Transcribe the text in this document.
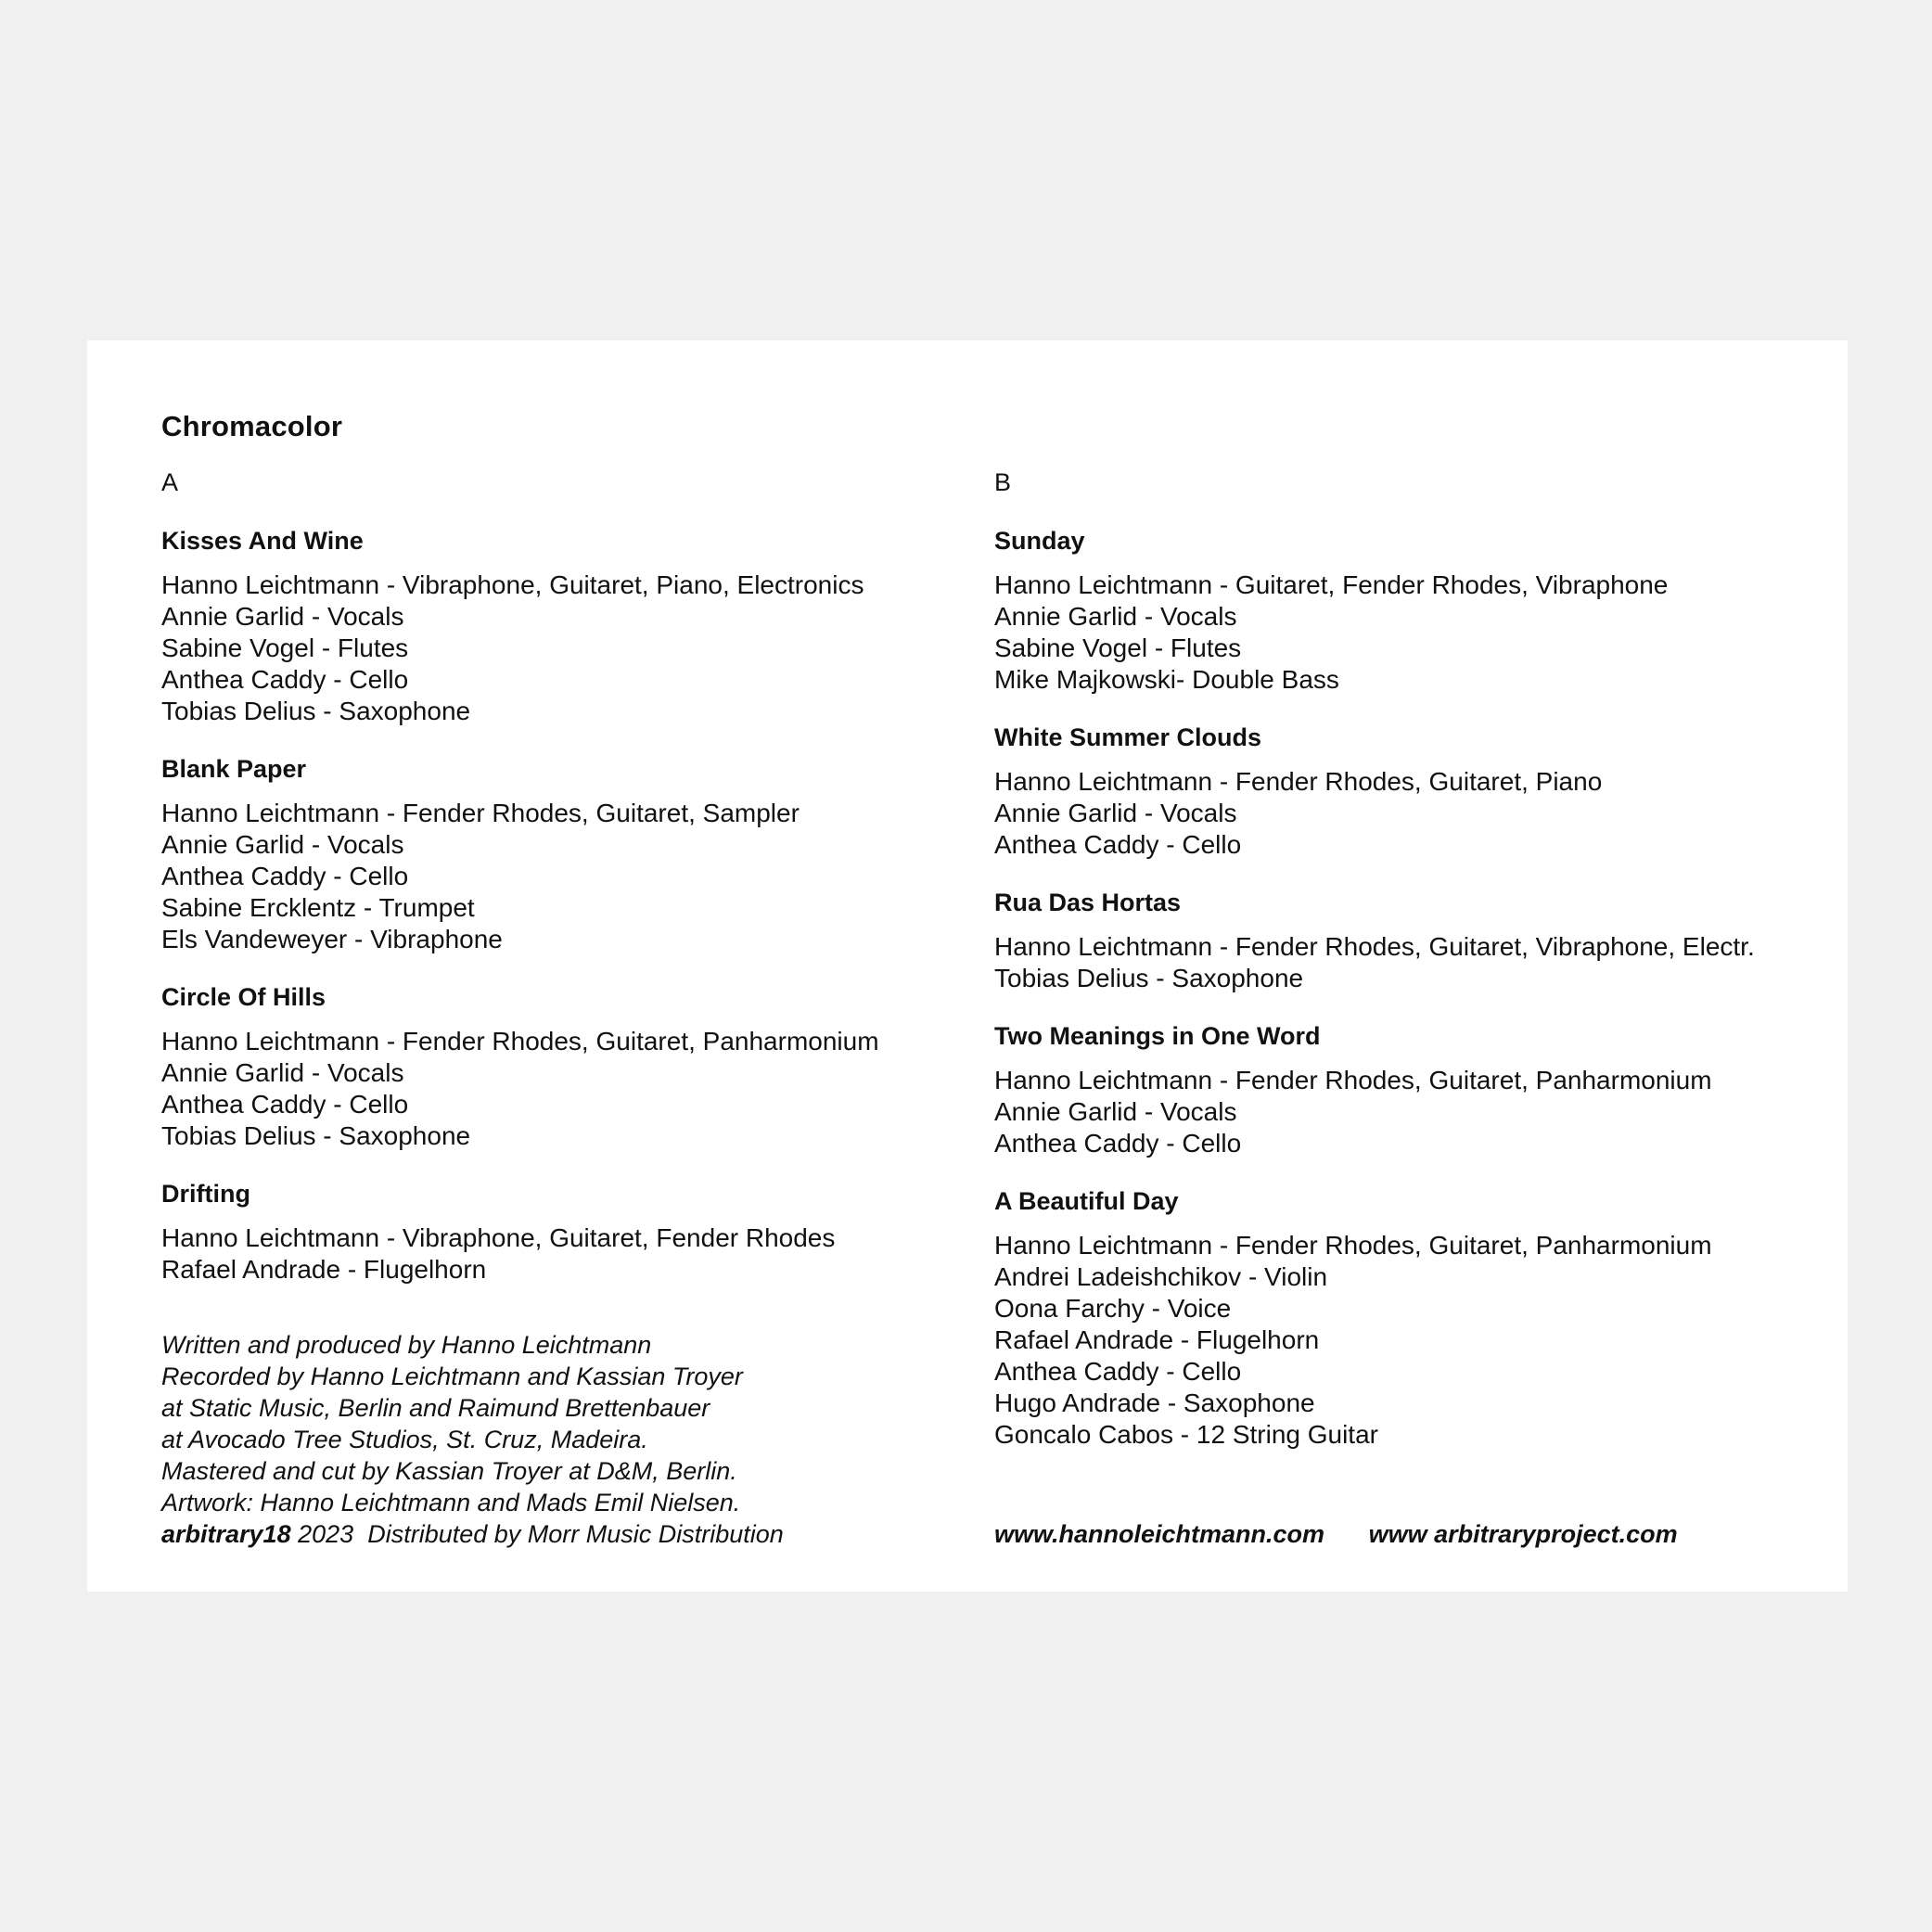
Chromacolor
A
Kisses And Wine
Hanno Leichtmann - Vibraphone, Guitaret, Piano, Electronics
Annie Garlid - Vocals
Sabine Vogel - Flutes
Anthea Caddy - Cello
Tobias Delius - Saxophone
Blank Paper
Hanno Leichtmann - Fender Rhodes, Guitaret, Sampler
Annie Garlid - Vocals
Anthea Caddy - Cello
Sabine Ercklentz - Trumpet
Els Vandeweyer - Vibraphone
Circle Of Hills
Hanno Leichtmann - Fender Rhodes, Guitaret, Panharmonium
Annie Garlid - Vocals
Anthea Caddy - Cello
Tobias Delius - Saxophone
Drifting
Hanno Leichtmann - Vibraphone, Guitaret, Fender Rhodes
Rafael Andrade - Flugelhorn
B
Sunday
Hanno Leichtmann - Guitaret, Fender Rhodes, Vibraphone
Annie Garlid - Vocals
Sabine Vogel - Flutes
Mike Majkowski- Double Bass
White Summer Clouds
Hanno Leichtmann - Fender Rhodes, Guitaret, Piano
Annie Garlid - Vocals
Anthea Caddy - Cello
Rua Das Hortas
Hanno Leichtmann - Fender Rhodes, Guitaret, Vibraphone, Electr.
Tobias Delius - Saxophone
Two Meanings in One Word
Hanno Leichtmann - Fender Rhodes, Guitaret, Panharmonium
Annie Garlid - Vocals
Anthea Caddy - Cello
A Beautiful Day
Hanno Leichtmann - Fender Rhodes, Guitaret, Panharmonium
Andrei Ladeishchikov - Violin
Oona Farchy - Voice
Rafael Andrade - Flugelhorn
Anthea Caddy - Cello
Hugo Andrade - Saxophone
Goncalo Cabos - 12 String Guitar
Written and produced by Hanno Leichtmann
Recorded by Hanno Leichtmann and Kassian Troyer
at Static Music, Berlin and Raimund Brettenbauer
at Avocado Tree Studios, St. Cruz, Madeira.
Mastered and cut by Kassian Troyer at D&M, Berlin.
Artwork: Hanno Leichtmann and Mads Emil Nielsen.
arbitrary18 2023 Distributed by Morr Music Distribution	www.hannoleichtmann.com www arbitraryproject.com
